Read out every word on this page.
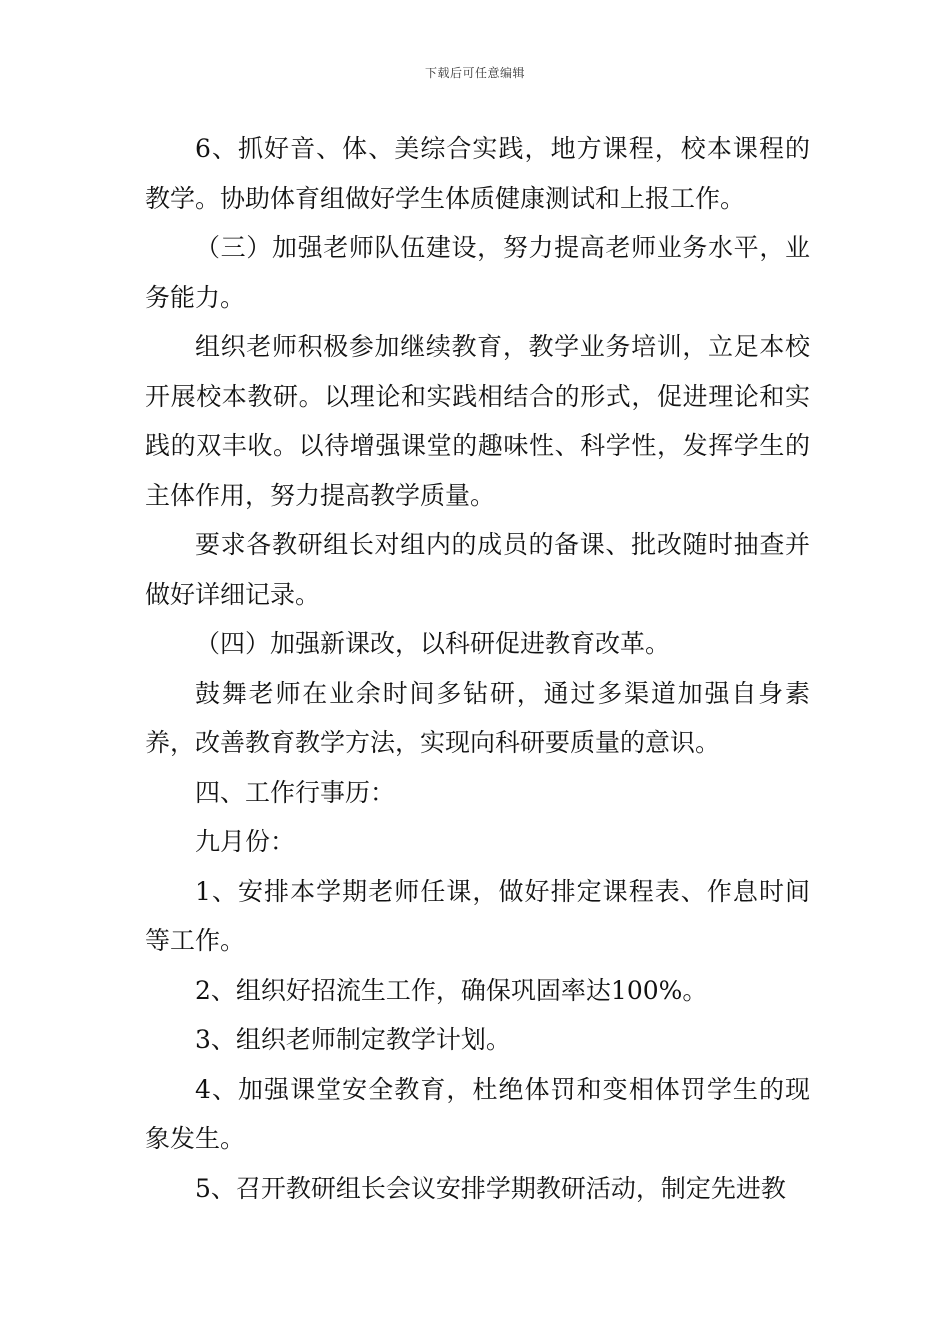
下载后可任意编辑

6、抓好音、体、美综合实践，地方课程，校本课程的教学。协助体育组做好学生体质健康测试和上报工作。

（三）加强老师队伍建设，努力提高老师业务水平，业务能力。

组织老师积极参加继续教育，教学业务培训，立足本校开展校本教研。以理论和实践相结合的形式，促进理论和实践的双丰收。以待增强课堂的趣味性、科学性，发挥学生的主体作用，努力提高教学质量。

要求各教研组长对组内的成员的备课、批改随时抽查并做好详细记录。

（四）加强新课改，以科研促进教育改革。

鼓舞老师在业余时间多钻研，通过多渠道加强自身素养，改善教育教学方法，实现向科研要质量的意识。

四、工作行事历：

九月份：

1、安排本学期老师任课，做好排定课程表、作息时间等工作。

2、组织好招流生工作，确保巩固率达100%。

3、组织老师制定教学计划。

4、加强课堂安全教育，杜绝体罚和变相体罚学生的现象发生。

5、召开教研组长会议安排学期教研活动，制定先进教
